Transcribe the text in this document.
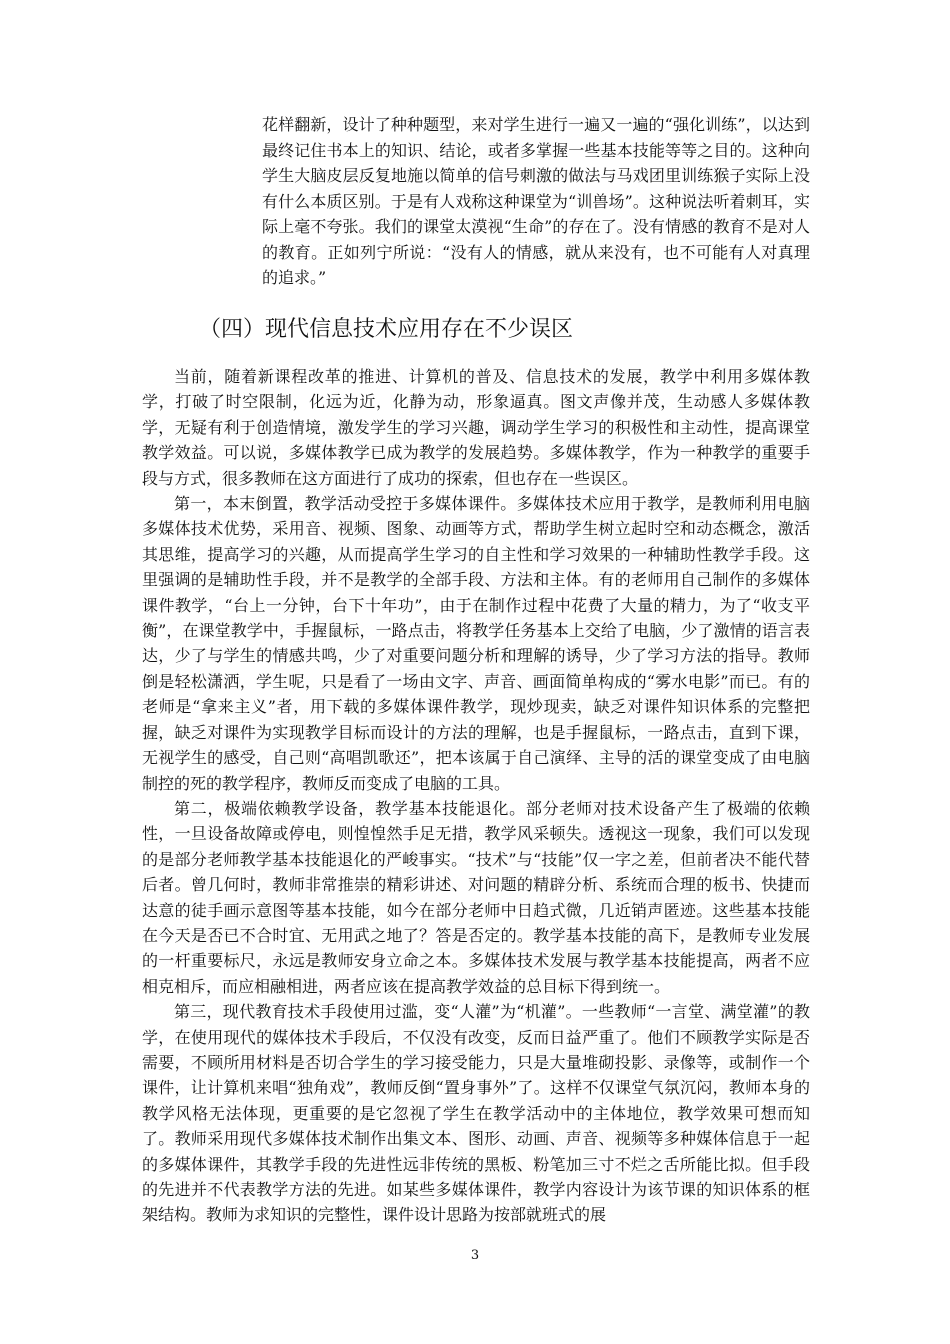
花样翻新，设计了种种题型，来对学生进行一遍又一遍的“强化训练”，以达到最终记住书本上的知识、结论，或者多掌握一些基本技能等等之目的。这种向学生大脑皮层反复地施以简单的信号刺激的做法与马戏团里训练猴子实际上没有什么本质区别。于是有人戏称这种课堂为“训兽场”。这种说法听着刺耳，实际上毫不夸张。我们的课堂太漠视“生命”的存在了。没有情感的教育不是对人的教育。正如列宁所说：“没有人的情感，就从来没有，也不可能有人对真理的追求。”

（四）现代信息技术应用存在不少误区

当前，随着新课程改革的推进、计算机的普及、信息技术的发展，教学中利用多媒体教学，打破了时空限制，化远为近，化静为动，形象逼真。图文声像并茂，生动感人多媒体教学，无疑有利于创造情境，激发学生的学习兴趣，调动学生学习的积极性和主动性，提高课堂教学效益。可以说，多媒体教学已成为教学的发展趋势。多媒体教学，作为一种教学的重要手段与方式，很多教师在这方面进行了成功的探索，但也存在一些误区。

第一，本末倒置，教学活动受控于多媒体课件。多媒体技术应用于教学，是教师利用电脑多媒体技术优势，采用音、视频、图象、动画等方式，帮助学生树立起时空和动态概念，激活其思维，提高学习的兴趣，从而提高学生学习的自主性和学习效果的一种辅助性教学手段。这里强调的是辅助性手段，并不是教学的全部手段、方法和主体。有的老师用自己制作的多媒体课件教学，“台上一分钟，台下十年功”，由于在制作过程中花费了大量的精力，为了“收支平衡”，在课堂教学中，手握鼠标，一路点击，将教学任务基本上交给了电脑，少了激情的语言表达，少了与学生的情感共鸣，少了对重要问题分析和理解的诱导，少了学习方法的指导。教师倒是轻松潇洒，学生呢，只是看了一场由文字、声音、画面简单构成的“雾水电影”而已。有的老师是“拿来主义”者，用下载的多媒体课件教学，现炒现卖，缺乏对课件知识体系的完整把握，缺乏对课件为实现教学目标而设计的方法的理解，也是手握鼠标，一路点击，直到下课，无视学生的感受，自己则“高唱凯歌还”，把本该属于自己演绎、主导的活的课堂变成了由电脑制控的死的教学程序，教师反而变成了电脑的工具。

第二，极端依赖教学设备，教学基本技能退化。部分老师对技术设备产生了极端的依赖性，一旦设备故障或停电，则惶惶然手足无措，教学风采顿失。透视这一现象，我们可以发现的是部分老师教学基本技能退化的严峻事实。“技术”与“技能”仅一字之差，但前者决不能代替后者。曾几何时，教师非常推崇的精彩讲述、对问题的精辟分析、系统而合理的板书、快捷而达意的徒手画示意图等基本技能，如今在部分老师中日趋式微，几近销声匿迹。这些基本技能在今天是否已不合时宜、无用武之地了？答是否定的。教学基本技能的高下，是教师专业发展的一杆重要标尺，永远是教师安身立命之本。多媒体技术发展与教学基本技能提高，两者不应相克相斥，而应相融相进，两者应该在提高教学效益的总目标下得到统一。

第三，现代教育技术手段使用过滥，变“人灌”为“机灌”。一些教师“一言堂、满堂灌”的教学，在使用现代的媒体技术手段后，不仅没有改变，反而日益严重了。他们不顾教学实际是否需要，不顾所用材料是否切合学生的学习接受能力，只是大量堆砌投影、录像等，或制作一个课件，让计算机来唱“独角戏”，教师反倒“置身事外”了。这样不仅课堂气氛沉闷，教师本身的教学风格无法体现，更重要的是它忽视了学生在教学活动中的主体地位，教学效果可想而知了。教师采用现代多媒体技术制作出集文本、图形、动画、声音、视频等多种媒体信息于一起的多媒体课件，其教学手段的先进性远非传统的黑板、粉笔加三寸不烂之舌所能比拟。但手段的先进并不代表教学方法的先进。如某些多媒体课件，教学内容设计为该节课的知识体系的框架结构。教师为求知识的完整性，课件设计思路为按部就班式的展

3
